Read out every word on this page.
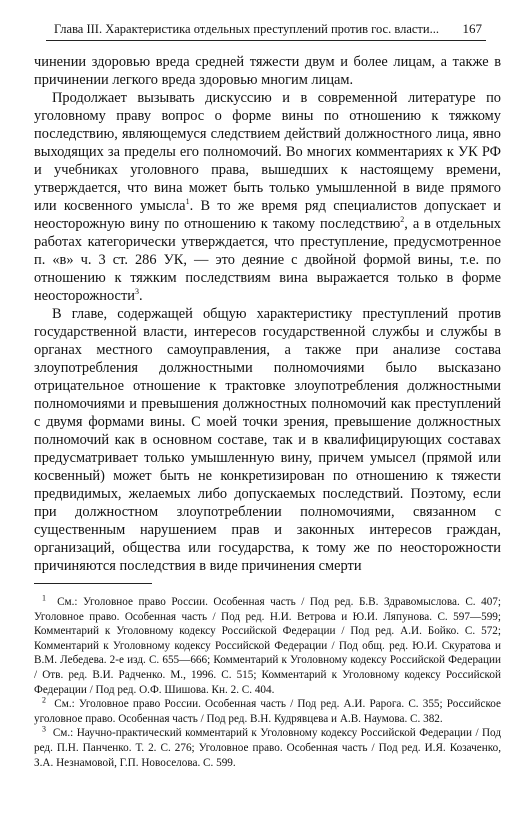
Глава III. Характеристика отдельных преступлений против гос. власти... 167

чинении здоровью вреда средней тяжести двум и более лицам, а также в причинении легкого вреда здоровью многим лицам.

Продолжает вызывать дискуссию и в современной литературе по уголовному праву вопрос о форме вины по отношению к тяжкому последствию, являющемуся следствием действий должностного лица, явно выходящих за пределы его полномочий. Во многих комментариях к УК РФ и учебниках уголовного права, вышедших к настоящему времени, утверждается, что вина может быть только умышленной в виде прямого или косвенного умысла$^1$. В то же время ряд специалистов допускает и неосторожную вину по отношению к такому последствию$^2$, а в отдельных работах категорически утверждается, что преступление, предусмотренное п. «в» ч. 3 ст. 286 УК, — это деяние с двойной формой вины, т.е. по отношению к тяжким последствиям вина выражается только в форме неосторожности$^3$.

В главе, содержащей общую характеристику преступлений против государственной власти, интересов государственной службы и службы в органах местного самоуправления, а также при анализе состава злоупотребления должностными полномочиями было высказано отрицательное отношение к трактовке злоупотребления должностными полномочиями и превышения должностных полномочий как преступлений с двумя формами вины. С моей точки зрения, превышение должностных полномочий как в основном составе, так и в квалифицирующих составах предусматривает только умышленную вину, причем умысел (прямой или косвенный) может быть не конкретизирован по отношению к тяжести предвидимых, желаемых либо допускаемых последствий. Поэтому, если при должностном злоупотреблении полномочиями, связанном с существенным нарушением прав и законных интересов граждан, организаций, общества или государства, к тому же по неосторожности причиняются последствия в виде причинения смерти

$^1$ См.: Уголовное право России. Особенная часть / Под ред. Б.В. Здравомыслова. С. 407; Уголовное право. Особенная часть / Под ред. Н.И. Ветрова и Ю.И. Ляпунова. С. 597—599; Комментарий к Уголовному кодексу Российской Федерации / Под ред. А.И. Бойко. С. 572; Комментарий к Уголовному кодексу Российской Федерации / Под общ. ред. Ю.И. Скуратова и В.М. Лебедева. 2-е изд. С. 655—666; Комментарий к Уголовному кодексу Российской Федерации / Отв. ред. В.И. Радченко. М., 1996. С. 515; Комментарий к Уголовному кодексу Российской Федерации / Под ред. О.Ф. Шишова. Кн. 2. С. 404.

$^2$ См.: Уголовное право России. Особенная часть / Под ред. А.И. Рарога. С. 355; Российское уголовное право. Особенная часть / Под ред. В.Н. Кудрявцева и А.В. Наумова. С. 382.

$^3$ См.: Научно-практический комментарий к Уголовному кодексу Российской Федерации / Под ред. П.Н. Панченко. Т. 2. С. 276; Уголовное право. Особенная часть / Под ред. И.Я. Козаченко, З.А. Незнамовой, Г.П. Новоселова. С. 599.
